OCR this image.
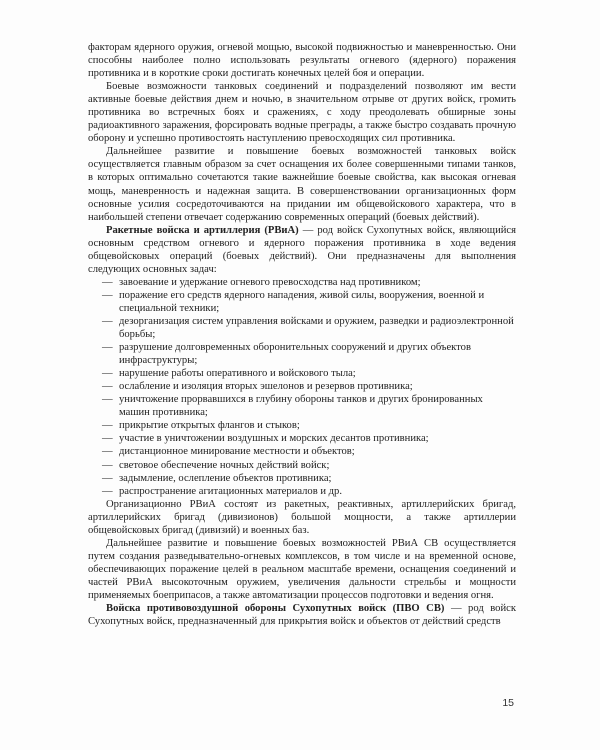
факторам ядерного оружия, огневой мощью, высокой подвижностью и маневренностью. Они способны наиболее полно использовать результаты огневого (ядерного) поражения противника и в короткие сроки достигать конечных целей боя и операции.

Боевые возможности танковых соединений и подразделений позволяют им вести активные боевые действия днем и ночью, в значительном отрыве от других войск, громить противника во встречных боях и сражениях, с ходу преодолевать обширные зоны радиоактивного заражения, форсировать водные преграды, а также быстро создавать прочную оборону и успешно противостоять наступлению превосходящих сил противника.

Дальнейшее развитие и повышение боевых возможностей танковых войск осуществляется главным образом за счет оснащения их более совершенными типами танков, в которых оптимально сочетаются такие важнейшие боевые свойства, как высокая огневая мощь, маневренность и надежная защита. В совершенствовании организационных форм основные усилия сосредоточиваются на придании им общевойскового характера, что в наибольшей степени отвечает содержанию современных операций (боевых действий).

Ракетные войска и артиллерия (РВиА) — род войск Сухопутных войск, являющийся основным средством огневого и ядерного поражения противника в ходе ведения общевойсковых операций (боевых действий). Они предназначены для выполнения следующих основных задач:

— завоевание и удержание огневого превосходства над противником;
— поражение его средств ядерного нападения, живой силы, вооружения, военной и специальной техники;
— дезорганизация систем управления войсками и оружием, разведки и радиоэлектронной борьбы;
— разрушение долговременных оборонительных сооружений и других объектов инфраструктуры;
— нарушение работы оперативного и войскового тыла;
— ослабление и изоляция вторых эшелонов и резервов противника;
— уничтожение прорвавшихся в глубину обороны танков и других бронированных машин противника;
— прикрытие открытых флангов и стыков;
— участие в уничтожении воздушных и морских десантов противника;
— дистанционное минирование местности и объектов;
— световое обеспечение ночных действий войск;
— задымление, ослепление объектов противника;
— распространение агитационных материалов и др.

Организационно РВиА состоят из ракетных, реактивных, артиллерийских бригад, артиллерийских бригад (дивизионов) большой мощности, а также артиллерии общевойсковых бригад (дивизий) и военных баз.

Дальнейшее развитие и повышение боевых возможностей РВиА СВ осуществляется путем создания разведывательно-огневых комплексов, в том числе и на временной основе, обеспечивающих поражение целей в реальном масштабе времени, оснащения соединений и частей РВиА высокоточным оружием, увеличения дальности стрельбы и мощности применяемых боеприпасов, а также автоматизации процессов подготовки и ведения огня.

Войска противовоздушной обороны Сухопутных войск (ПВО СВ) — род войск Сухопутных войск, предназначенный для прикрытия войск и объектов от действий средств

15
